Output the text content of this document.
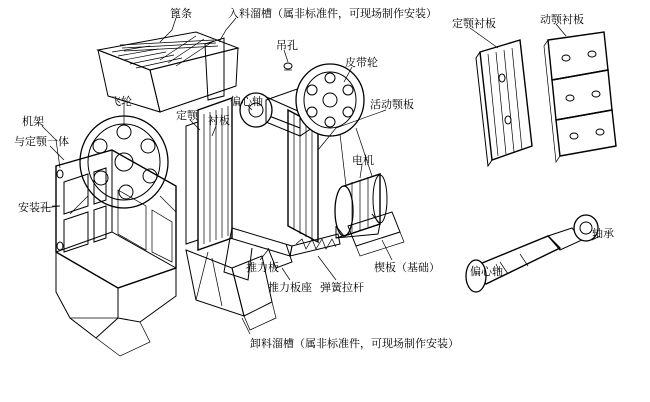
篦条	入料溜槽（属非标准件，可现场制作安装）
吊孔
皮带轮
定颚衬板	动颚衬板
飞轮
定颚 衬板
偏心轴	活动颚板
机架
与定颚一体
电机
安装孔
推力板
推力板座 弹簧拉杆
楔板（基础）
卸料溜槽（属非标准件，可现场制作安装）
轴承
偏心轴
